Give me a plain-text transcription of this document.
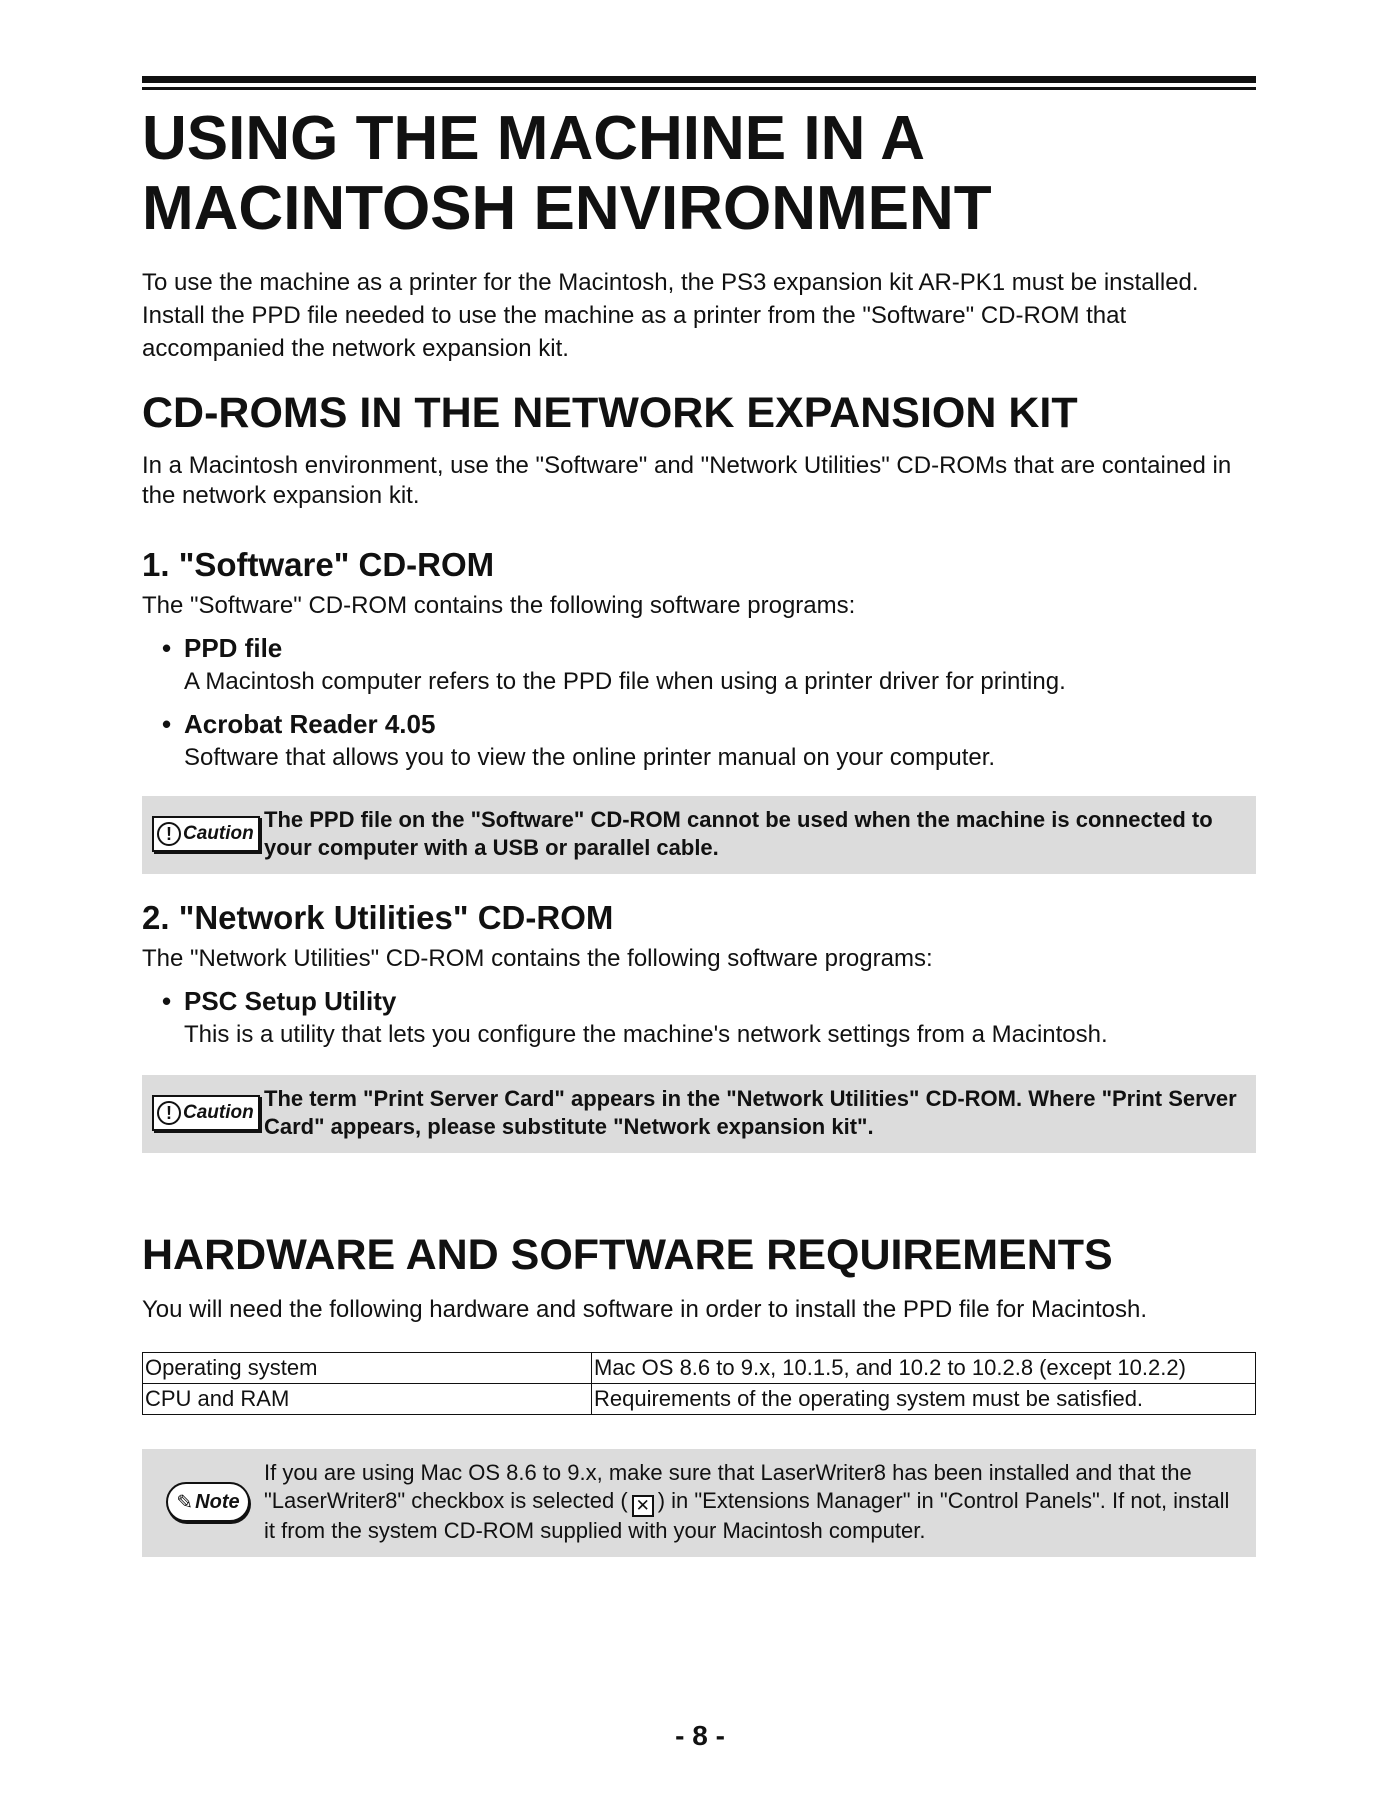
USING THE MACHINE IN A
MACINTOSH ENVIRONMENT

To use the machine as a printer for the Macintosh, the PS3 expansion kit AR-PK1 must be installed. Install the PPD file needed to use the machine as a printer from the "Software" CD-ROM that accompanied the network expansion kit.

CD-ROMS IN THE NETWORK EXPANSION KIT

In a Macintosh environment, use the "Software" and "Network Utilities" CD-ROMs that are contained in the network expansion kit.

1. "Software" CD-ROM

The "Software" CD-ROM contains the following software programs:

• PPD file
A Macintosh computer refers to the PPD file when using a printer driver for printing.
• Acrobat Reader 4.05
Software that allows you to view the online printer manual on your computer.
! Caution
The PPD file on the "Software" CD-ROM cannot be used when the machine is connected to your computer with a USB or parallel cable.
2. "Network Utilities" CD-ROM

The "Network Utilities" CD-ROM contains the following software programs:

• PSC Setup Utility
This is a utility that lets you configure the machine's network settings from a Macintosh.
! Caution
The term "Print Server Card" appears in the "Network Utilities" CD-ROM. Where "Print Server Card" appears, please substitute "Network expansion kit".
HARDWARE AND SOFTWARE REQUIREMENTS

You will need the following hardware and software in order to install the PPD file for Macintosh.

Operating system	Mac OS 8.6 to 9.x, 10.1.5, and 10.2 to 10.2.8 (except 10.2.2)
CPU and RAM	Requirements of the operating system must be satisfied.
✎ Note
If you are using Mac OS 8.6 to 9.x, make sure that LaserWriter8 has been installed and that the "LaserWriter8" checkbox is selected ( ✕ ) in "Extensions Manager" in "Control Panels". If not, install it from the system CD-ROM supplied with your Macintosh computer.
- 8 -
